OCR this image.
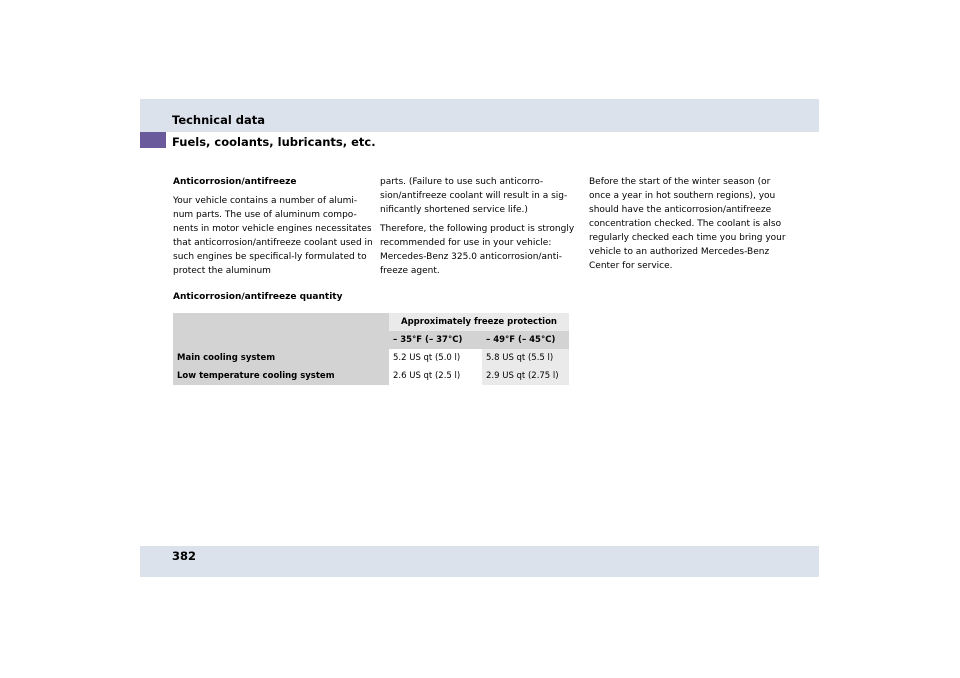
Technical data
Fuels, coolants, lubricants, etc.

Anticorrosion/antifreeze

Your vehicle contains a number of alumi-num parts. The use of aluminum compo-nents in motor vehicle engines necessitates that anticorrosion/antifreeze coolant used in such engines be specifical-ly formulated to protect the aluminum

parts. (Failure to use such anticorro-sion/antifreeze coolant will result in a sig-nificantly shortened service life.)

Therefore, the following product is strongly recommended for use in your vehicle: Mercedes-Benz 325.0 anticorrosion/anti-freeze agent.

Before the start of the winter season (or once a year in hot southern regions), you should have the anticorrosion/antifreeze concentration checked. The coolant is also regularly checked each time you bring your vehicle to an authorized Mercedes-Benz Center for service.

Anticorrosion/antifreeze quantity
	Approximately freeze protection	
	– 35°F (– 37°C)	– 49°F (– 45°C)
Main cooling system	5.2 US qt (5.0 l)	5.8 US qt (5.5 l)
Low temperature cooling system	2.6 US qt (2.5 l)	2.9 US qt (2.75 l)
382
